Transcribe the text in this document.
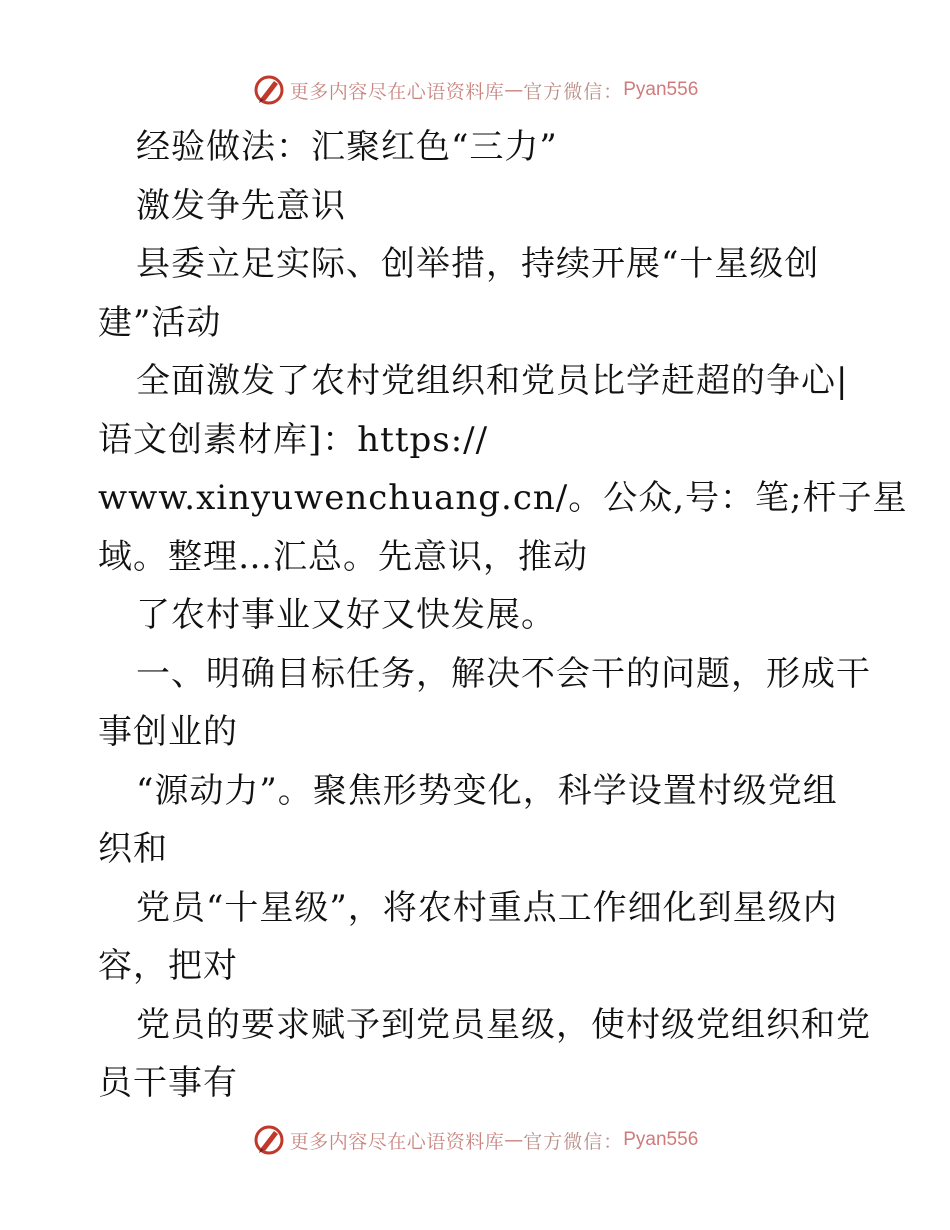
更多内容尽在心语资料库 — 官方微信： Pyan556
经验做法：汇聚红色“三力”
激发争先意识
县委立足实际、创举措，持续开展“十星级创
建”活动
全面激发了农村党组织和党员比学赶超的争心|
语文创素材库]：https://
www.xinyuwenchuang.cn/。公众,号：笔;杆子星
域。整理…汇总。先意识，推动
了农村事业又好又快发展。
一、明确目标任务，解决不会干的问题，形成干
事创业的
“源动力”。聚焦形势变化，科学设置村级党组
织和
党员“十星级”，将农村重点工作细化到星级内
容，把对
党员的要求赋予到党员星级，使村级党组织和党
员干事有
更多内容尽在心语资料库 — 官方微信： Pyan556
